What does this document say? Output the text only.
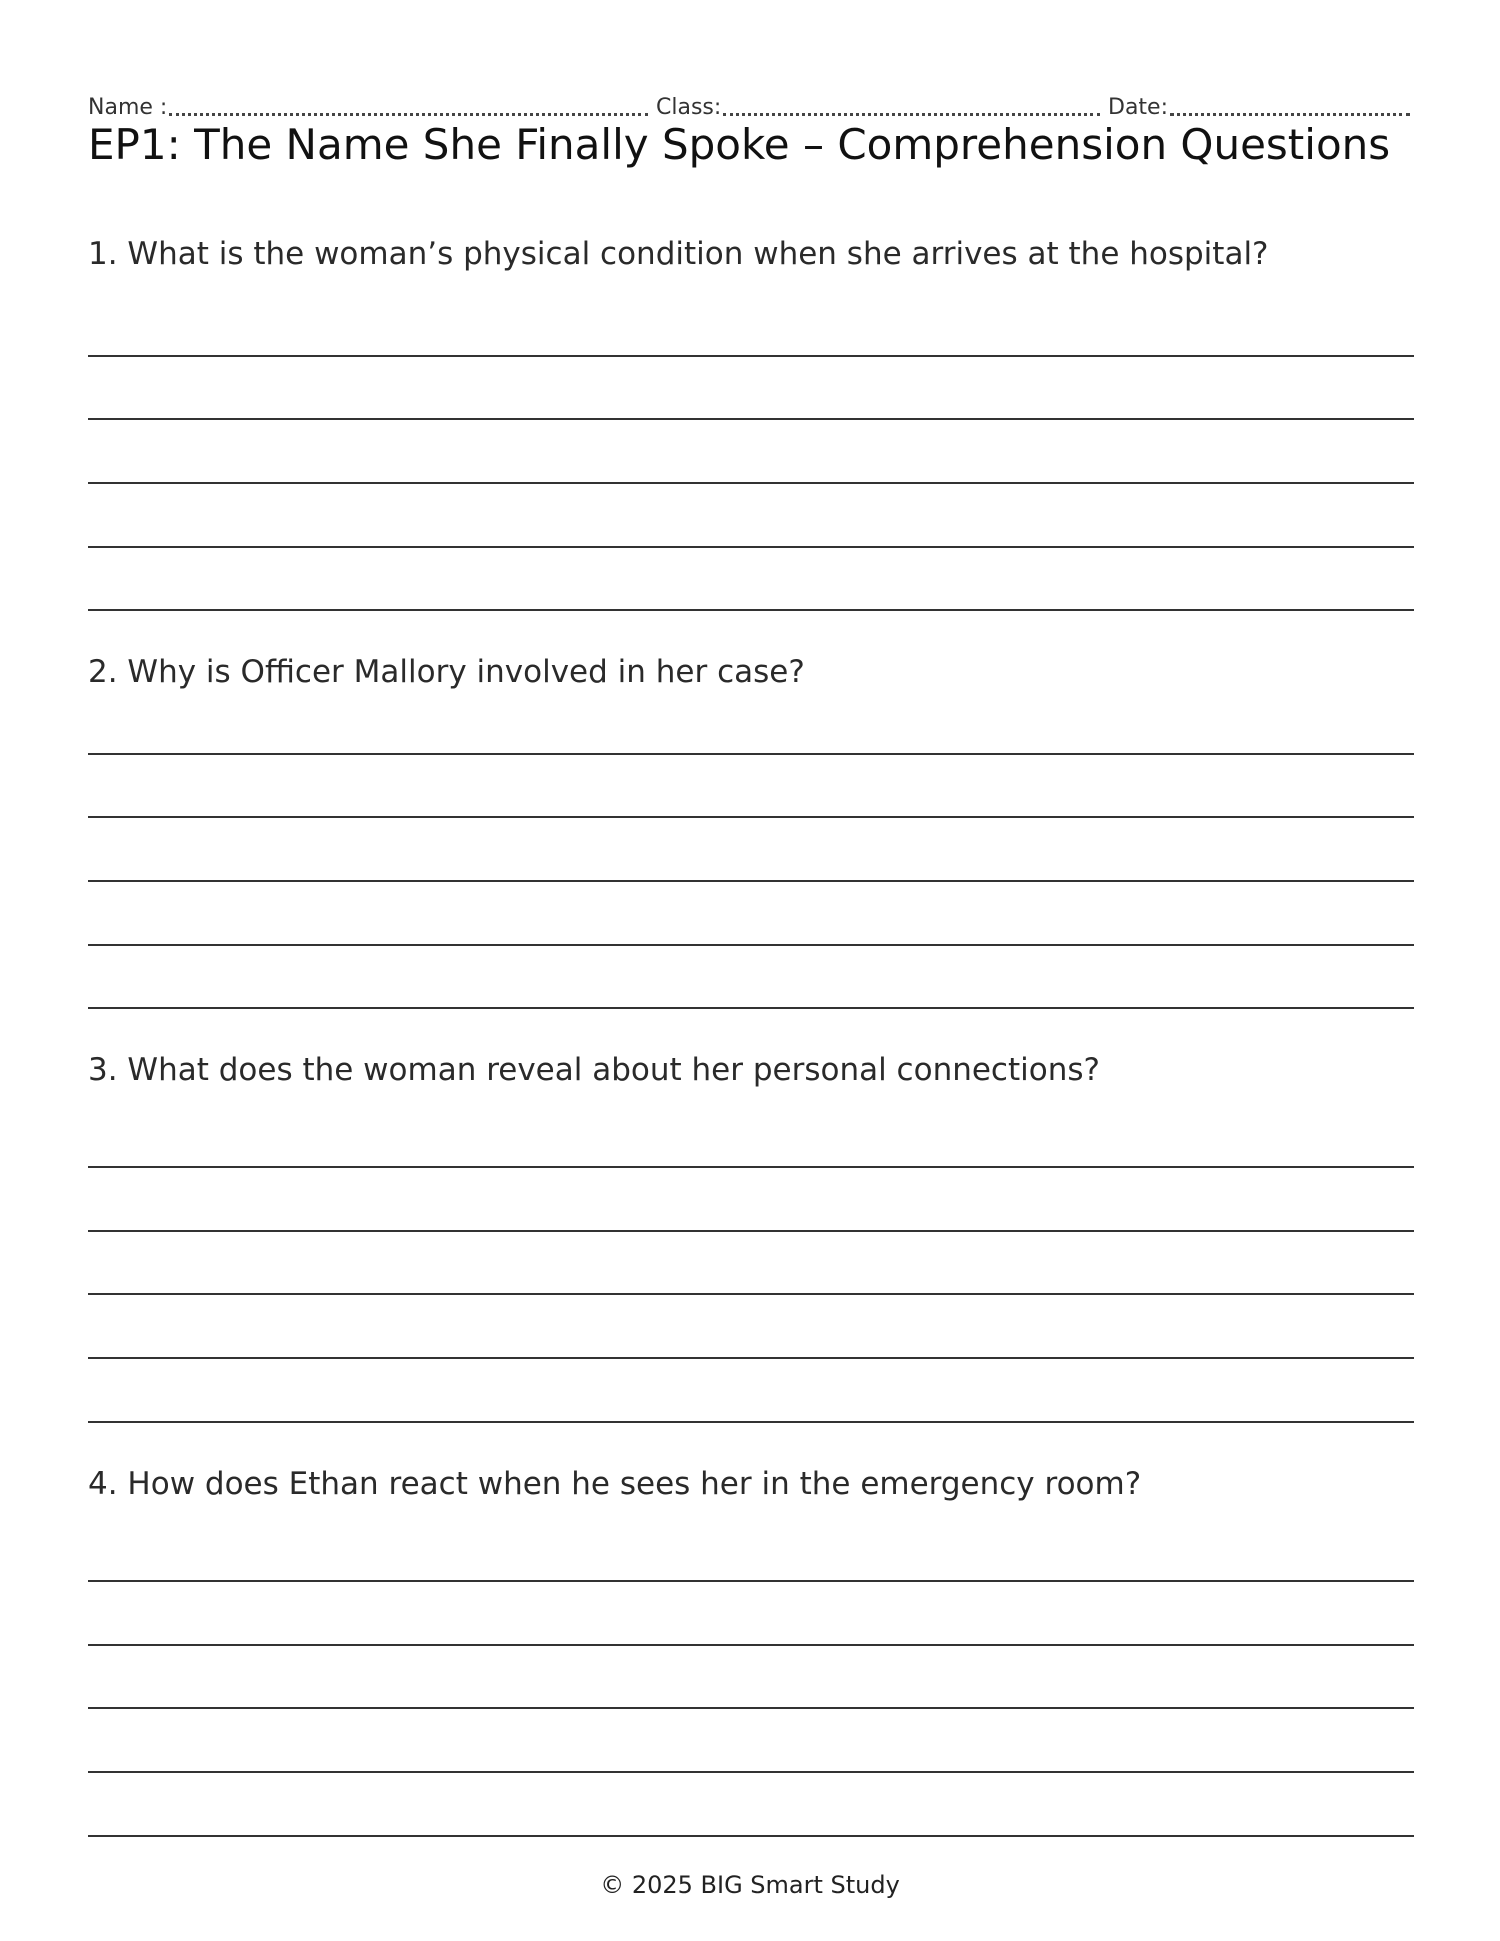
Name :	Class:	Date:
EP1: The Name She Finally Spoke – Comprehension Questions

1. What is the woman’s physical condition when she arrives at the hospital?

2. Why is Officer Mallory involved in her case?

3. What does the woman reveal about her personal connections?

4. How does Ethan react when he sees her in the emergency room?

© 2025 BIG Smart Study
